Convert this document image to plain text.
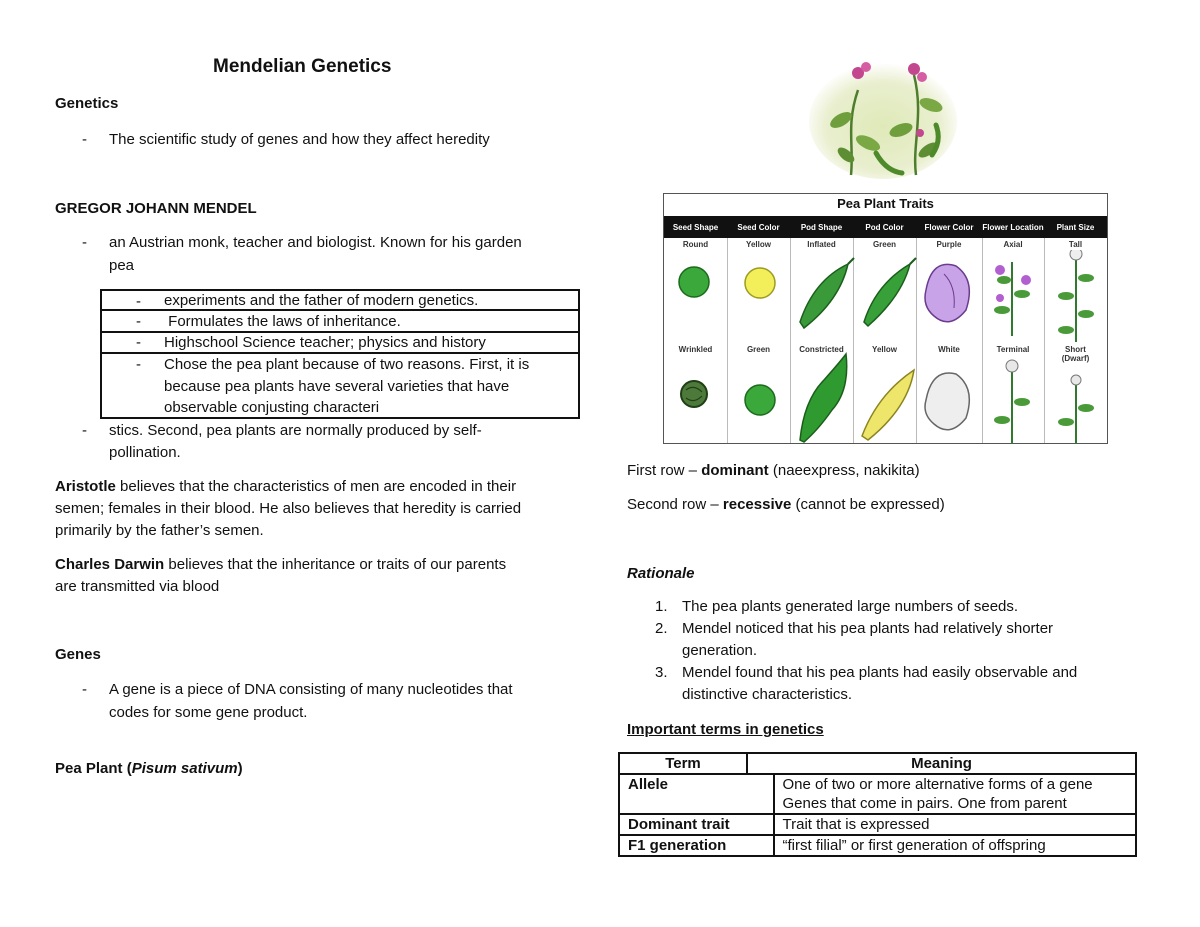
Mendelian Genetics
Genetics
- The scientific study of genes and how they affect heredity
GREGOR JOHANN MENDEL
- an Austrian monk, teacher and biologist. Known for his garden
pea
- experiments and the father of modern genetics.
- Formulates the laws of inheritance.
- Highschool Science teacher; physics and history
- Chose the pea plant because of two reasons. First, it is
because pea plants have several varieties that have
observable conjusting characteri
- stics. Second, pea plants are normally produced by self-
pollination.
Aristotle believes that the characteristics of men are encoded in their
semen; females in their blood. He also believes that heredity is carried
primarily by the father’s semen.
Charles Darwin believes that the inheritance or traits of our parents
are transmitted via blood
Genes
- A gene is a piece of DNA consisting of many nucleotides that
codes for some gene product.
Pea Plant (Pisum sativum)
Pea Plant Traits
Seed Shape	Seed Color	Pod Shape	Pod Color	Flower Color	Flower Location	Plant Size
Round	Yellow	Inflated	Green	Purple	Axial	Tall
Wrinkled	Green	Constricted	Yellow	White	Terminal	Short (Dwarf)
First row – dominant (naeexpress, nakikita)
Second row – recessive (cannot be expressed)
Rationale
1. The pea plants generated large numbers of seeds.
2. Mendel noticed that his pea plants had relatively shorter
generation.
3. Mendel found that his pea plants had easily observable and
distinctive characteristics.
Important terms in genetics
Term	Meaning	
Allele		One of two or more alternative forms of a gene
Genes that come in pairs. One from parent

Dominant trait		Trait that is expressed
F1 generation		“first filial” or first generation of offspring
